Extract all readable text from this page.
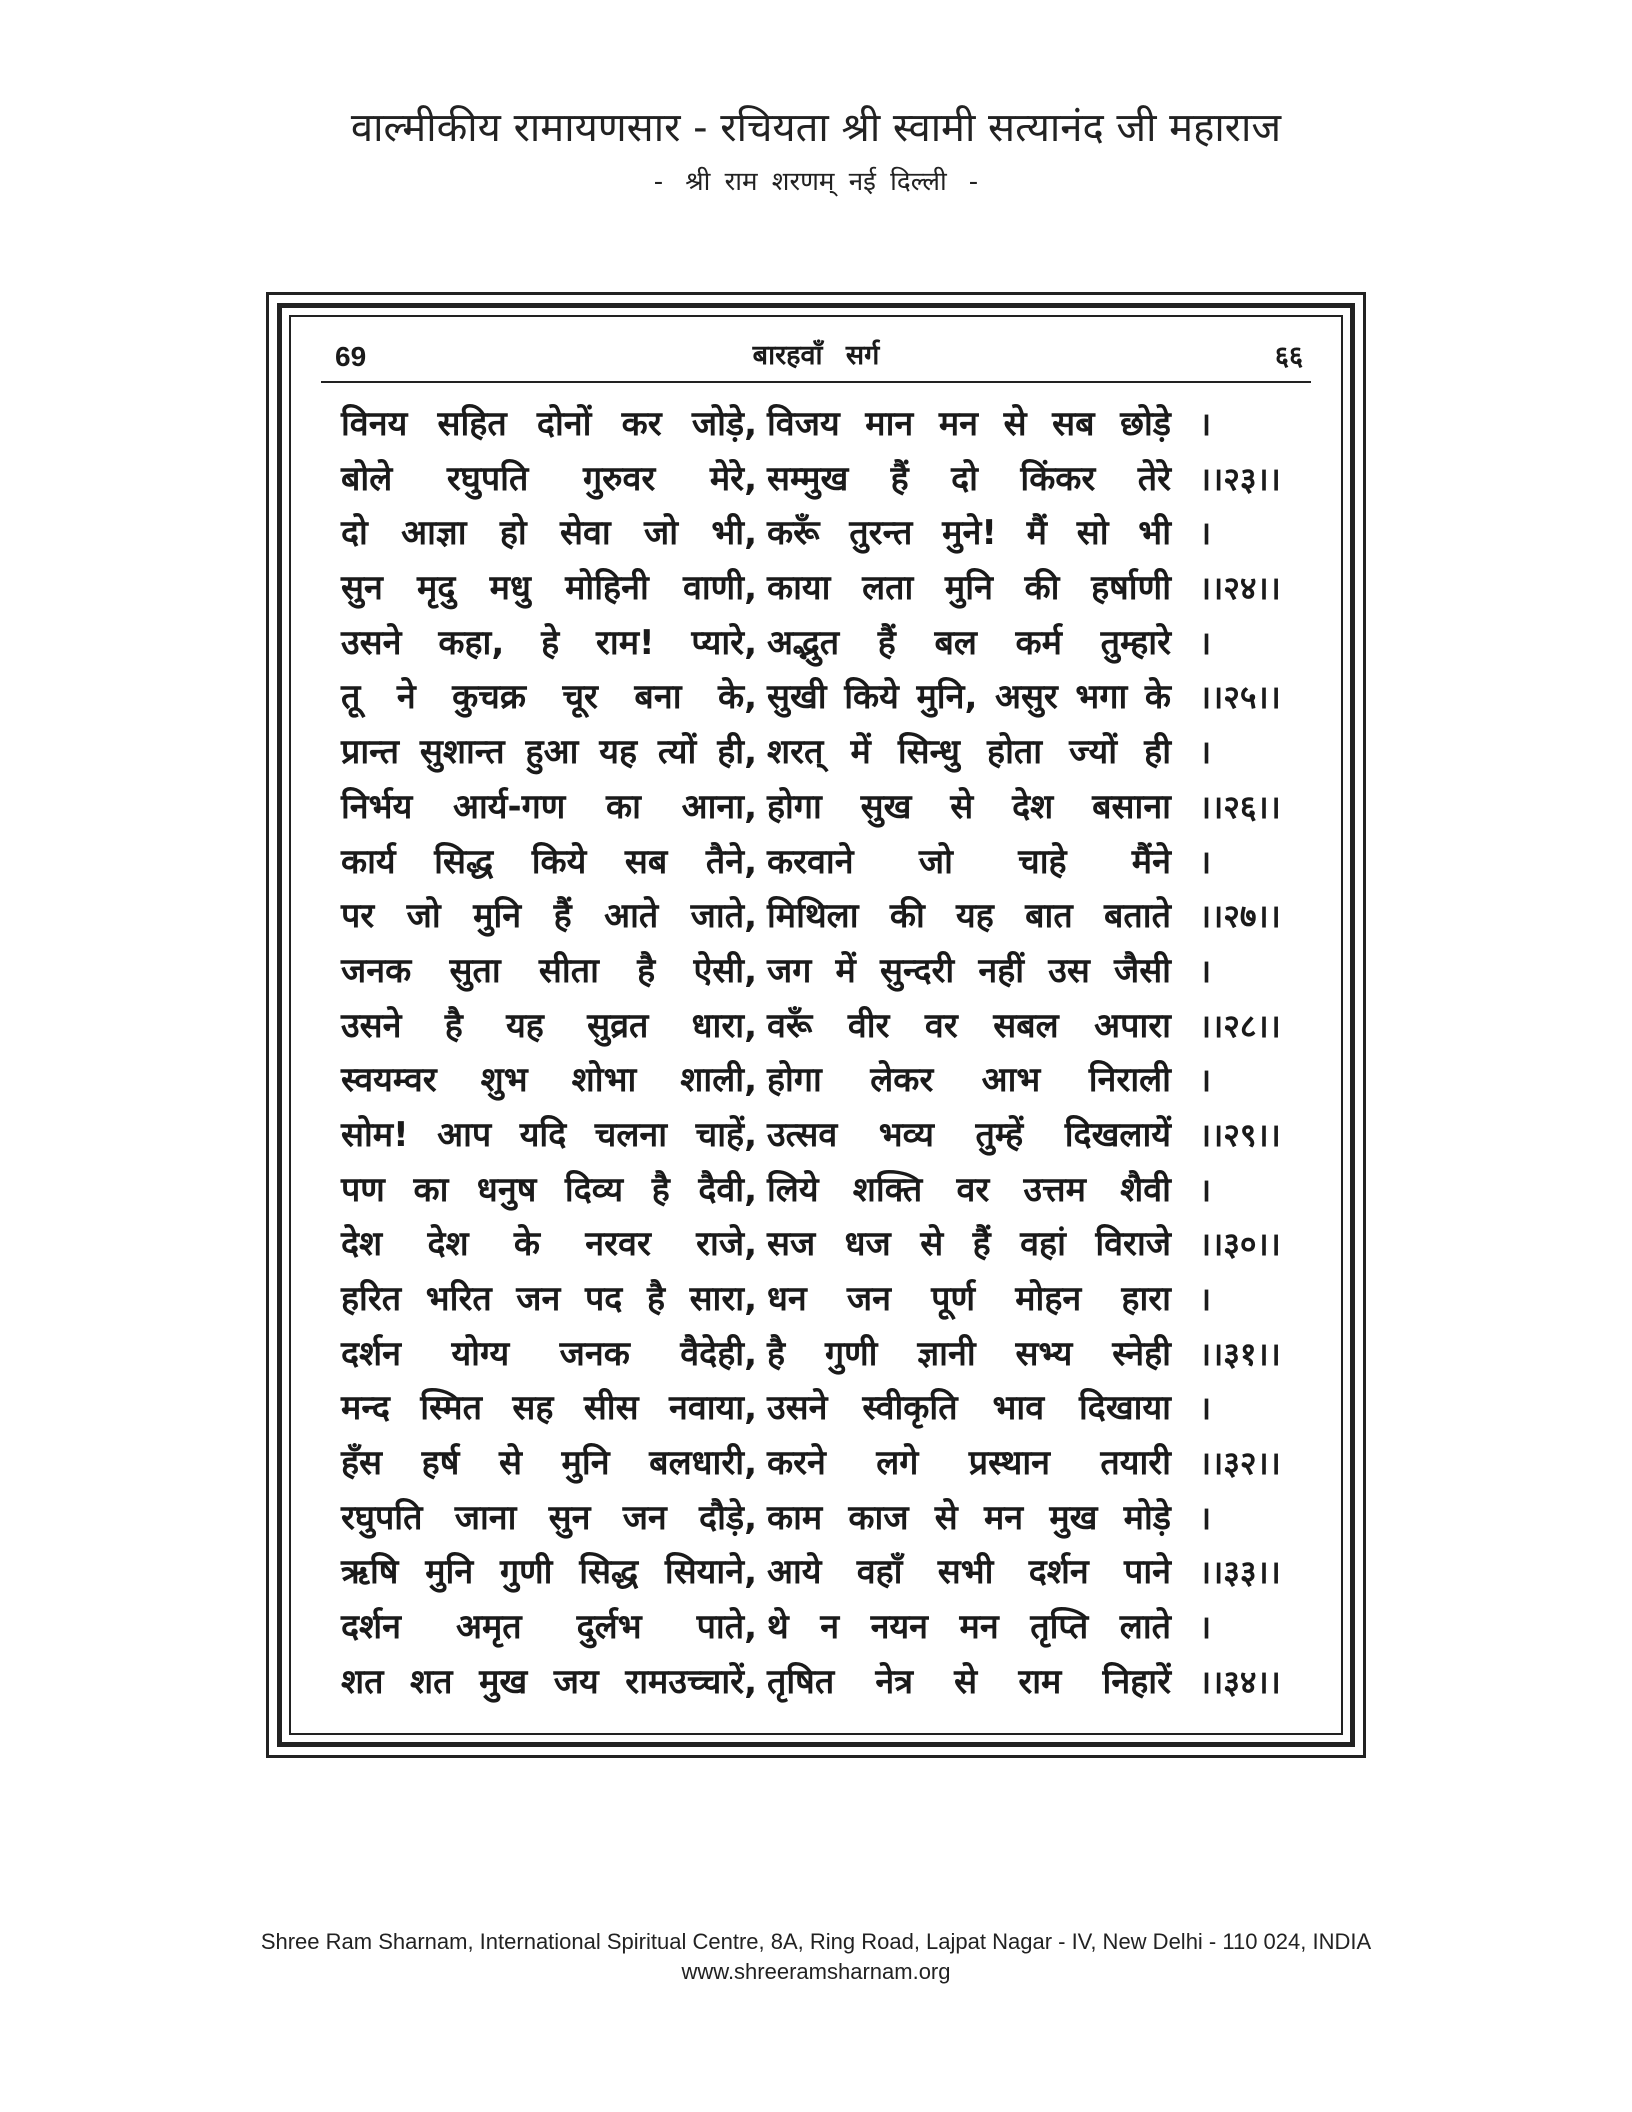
वाल्मीकीय रामायणसार - रचियता श्री स्वामी सत्यानंद जी महाराज
- श्री राम शरणम् नई दिल्ली -
69	बारहवाँ सर्ग	६६
विनय सहित दोनों कर जोड़े, विजय मान मन से सब छोड़े ।
बोले रघुपति गुरुवर मेरे, सम्मुख हैं दो किंकर तेरे ।।२३।।
दो आज्ञा हो सेवा जो भी, करूँ तुरन्त मुने! मैं सो भी ।
सुन मृदु मधु मोहिनी वाणी, काया लता मुनि की हर्षाणी ।।२४।।
उसने कहा, हे राम! प्यारे, अद्भुत हैं बल कर्म तुम्हारे ।
तू ने कुचक्र चूर बना के, सुखी किये मुनि, असुर भगा के ।।२५।।
प्रान्त सुशान्त हुआ यह त्यों ही, शरत् में सिन्धु होता ज्यों ही ।
निर्भय आर्य-गण का आना, होगा सुख से देश बसाना ।।२६।।
कार्य सिद्ध किये सब तैने, करवाने जो चाहे मैंने ।
पर जो मुनि हैं आते जाते, मिथिला की यह बात बताते ।।२७।।
जनक सुता सीता है ऐसी, जग में सुन्दरी नहीं उस जैसी ।
उसने है यह सुव्रत धारा, वरूँ वीर वर सबल अपारा ।।२८।।
स्वयम्वर शुभ शोभा शाली, होगा लेकर आभ निराली ।
सोम! आप यदि चलना चाहें, उत्सव भव्य तुम्हें दिखलायें ।।२९।।
पण का धनुष दिव्य है दैवी, लिये शक्ति वर उत्तम शैवी ।
देश देश के नरवर राजे, सज धज से हैं वहां विराजे ।।३०।।
हरित भरित जन पद है सारा, धन जन पूर्ण मोहन हारा ।
दर्शन योग्य जनक वैदेही, है गुणी ज्ञानी सभ्य स्नेही ।।३१।।
मन्द स्मित सह सीस नवाया, उसने स्वीकृति भाव दिखाया ।
हँस हर्ष से मुनि बलधारी, करने लगे प्रस्थान तयारी ।।३२।।
रघुपति जाना सुन जन दौड़े, काम काज से मन मुख मोड़े ।
ऋषि मुनि गुणी सिद्ध सियाने, आये वहाँ सभी दर्शन पाने ।।३३।।
दर्शन अमृत दुर्लभ पाते, थे न नयन मन तृप्ति लाते ।
शत शत मुख जय रामउच्चारें, तृषित नेत्र से राम निहारें ।।३४।।
Shree Ram Sharnam, International Spiritual Centre, 8A, Ring Road, Lajpat Nagar - IV, New Delhi - 110 024, INDIA
www.shreeramsharnam.org
